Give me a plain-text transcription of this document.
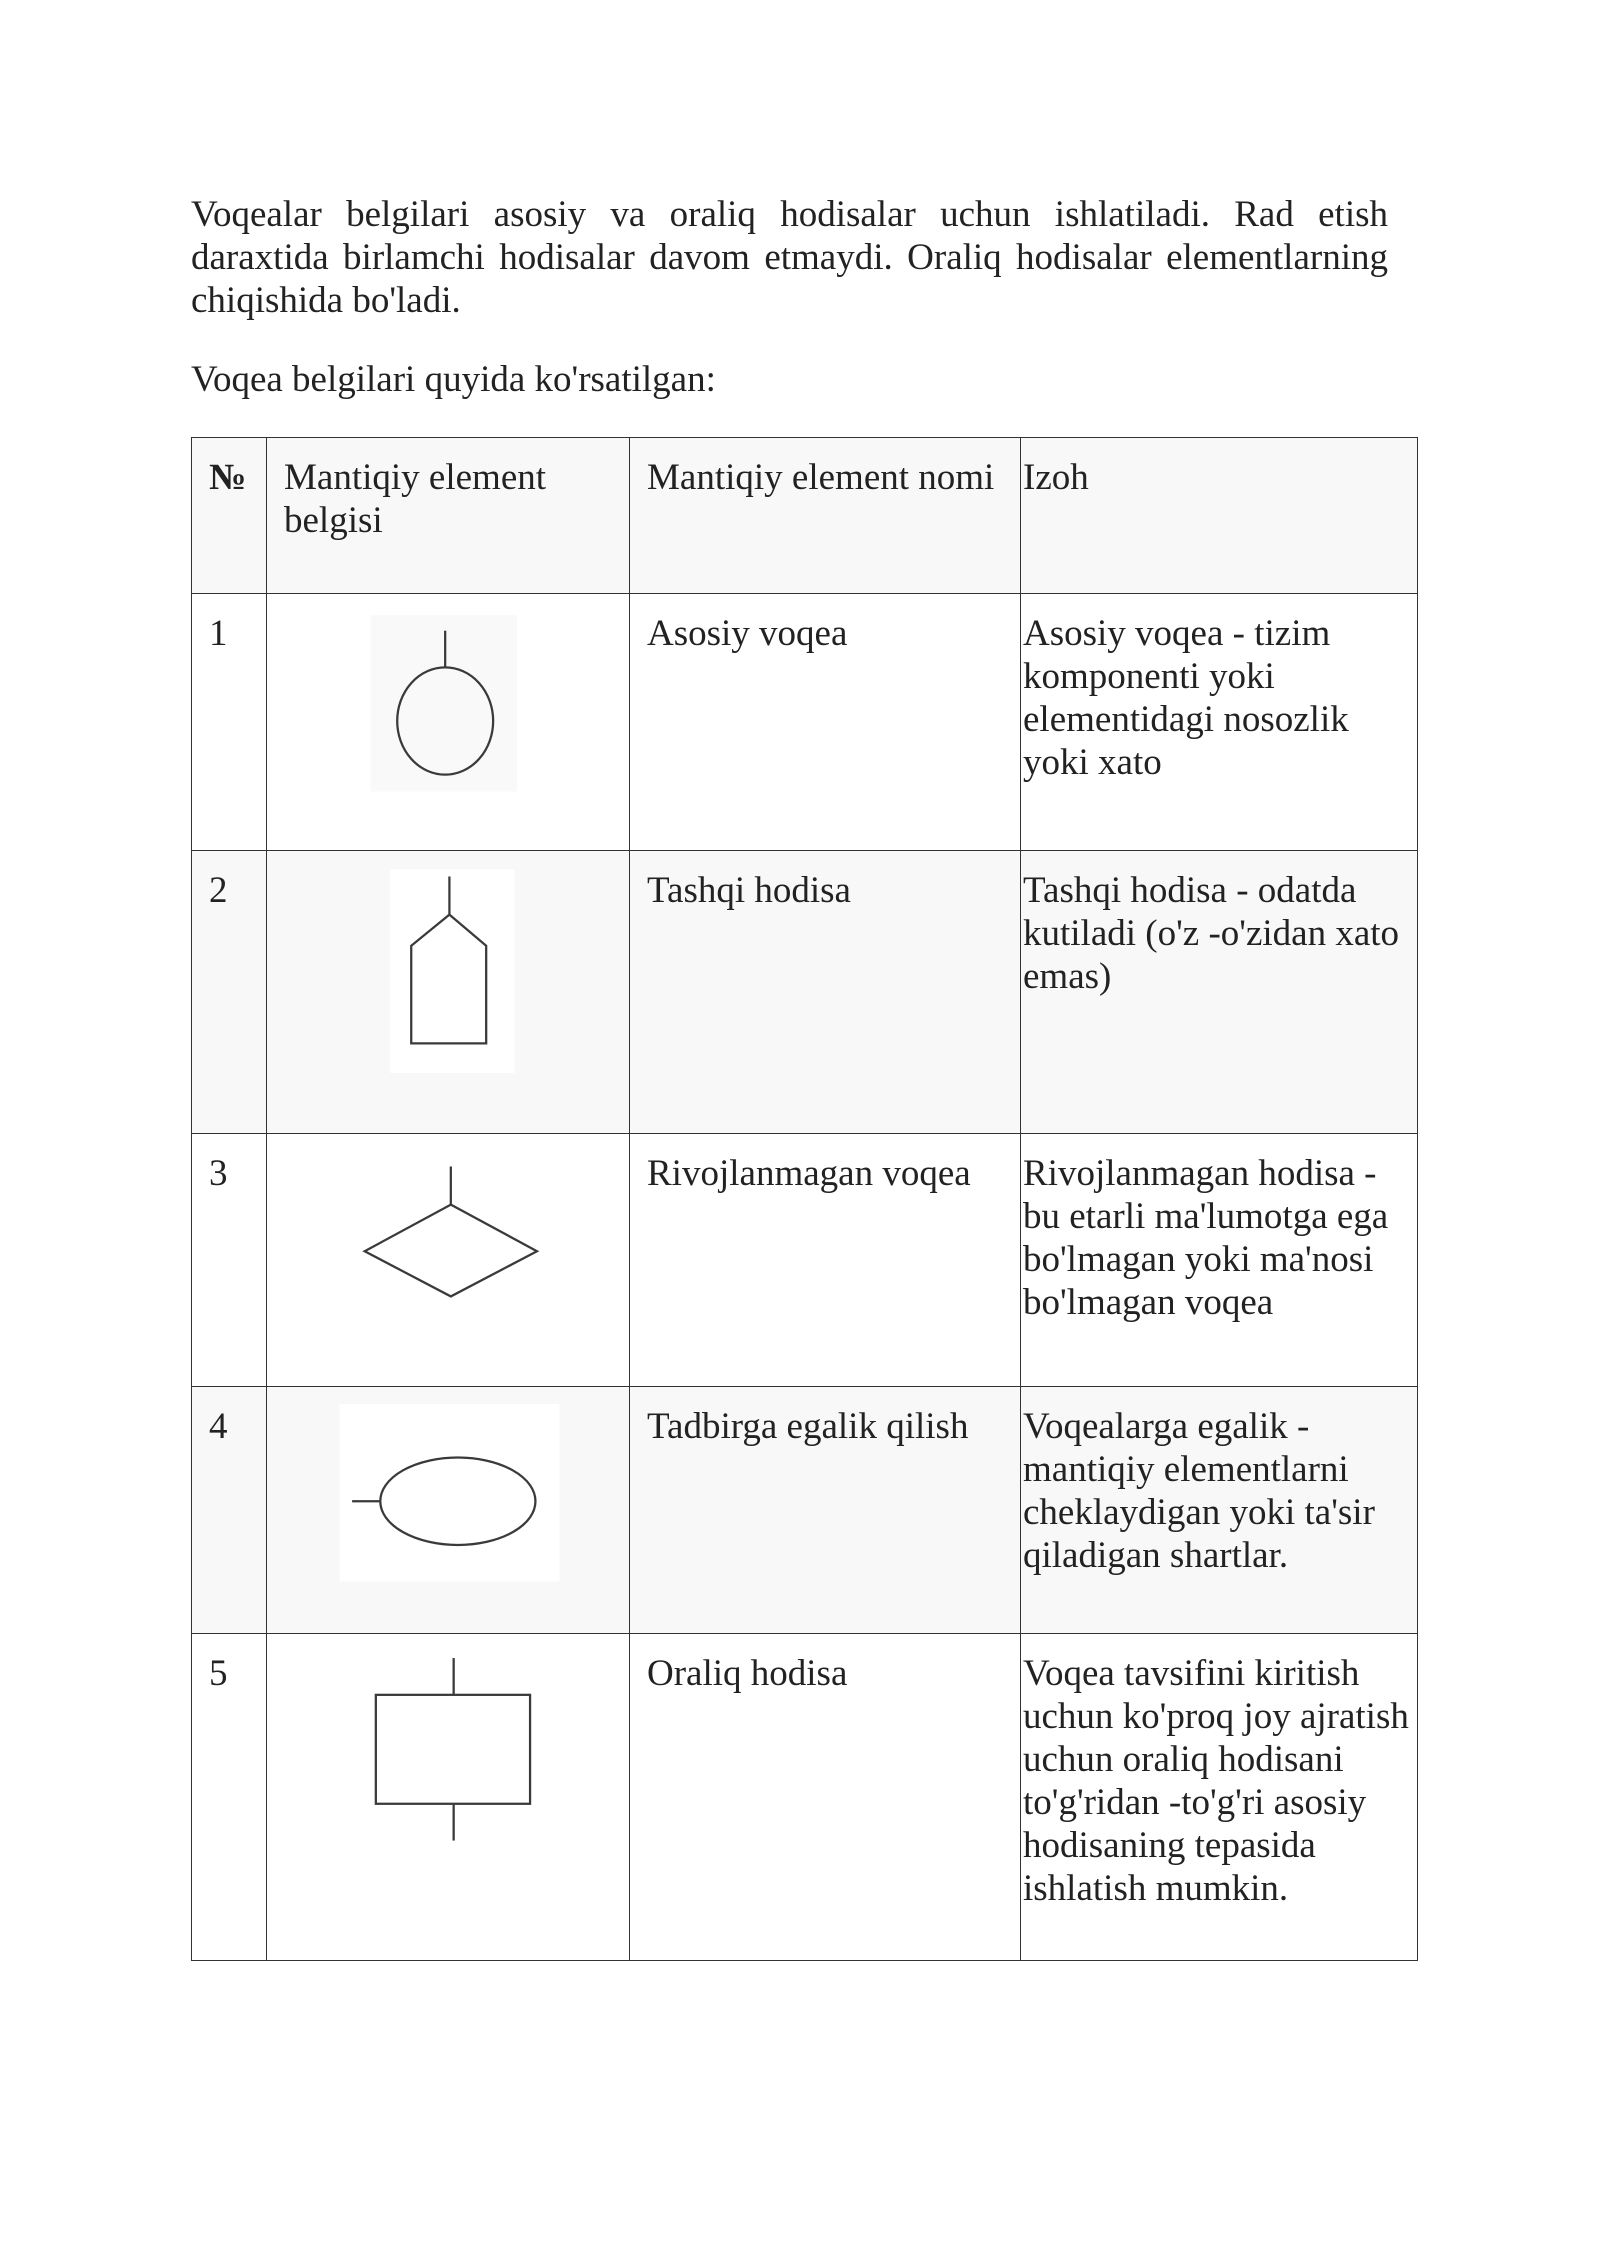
Voqealar belgilari asosiy va oraliq hodisalar uchun ishlatiladi. Rad etish daraxtida birlamchi hodisalar davom etmaydi. Oraliq hodisalar elementlarning chiqishida bo'ladi.

Voqea belgilari quyida ko'rsatilgan:

№	Mantiqiy element belgisi	Mantiqiy element nomi	Izoh
1		Asosiy voqea	Asosiy voqea - tizim komponenti yoki elementidagi nosozlik yoki xato
2		Tashqi hodisa	Tashqi hodisa - odatda kutiladi (o'z -o'zidan xato emas)
3		Rivojlanmagan voqea	Rivojlanmagan hodisa - bu etarli ma'lumotga ega bo'lmagan yoki ma'nosi bo'lmagan voqea
4		Tadbirga egalik qilish	Voqealarga egalik - mantiqiy elementlarni cheklaydigan yoki ta'sir qiladigan shartlar.
5		Oraliq hodisa	Voqea tavsifini kiritish uchun ko'proq joy ajratish uchun oraliq hodisani to'g'ridan -to'g'ri asosiy hodisaning tepasida ishlatish mumkin.
